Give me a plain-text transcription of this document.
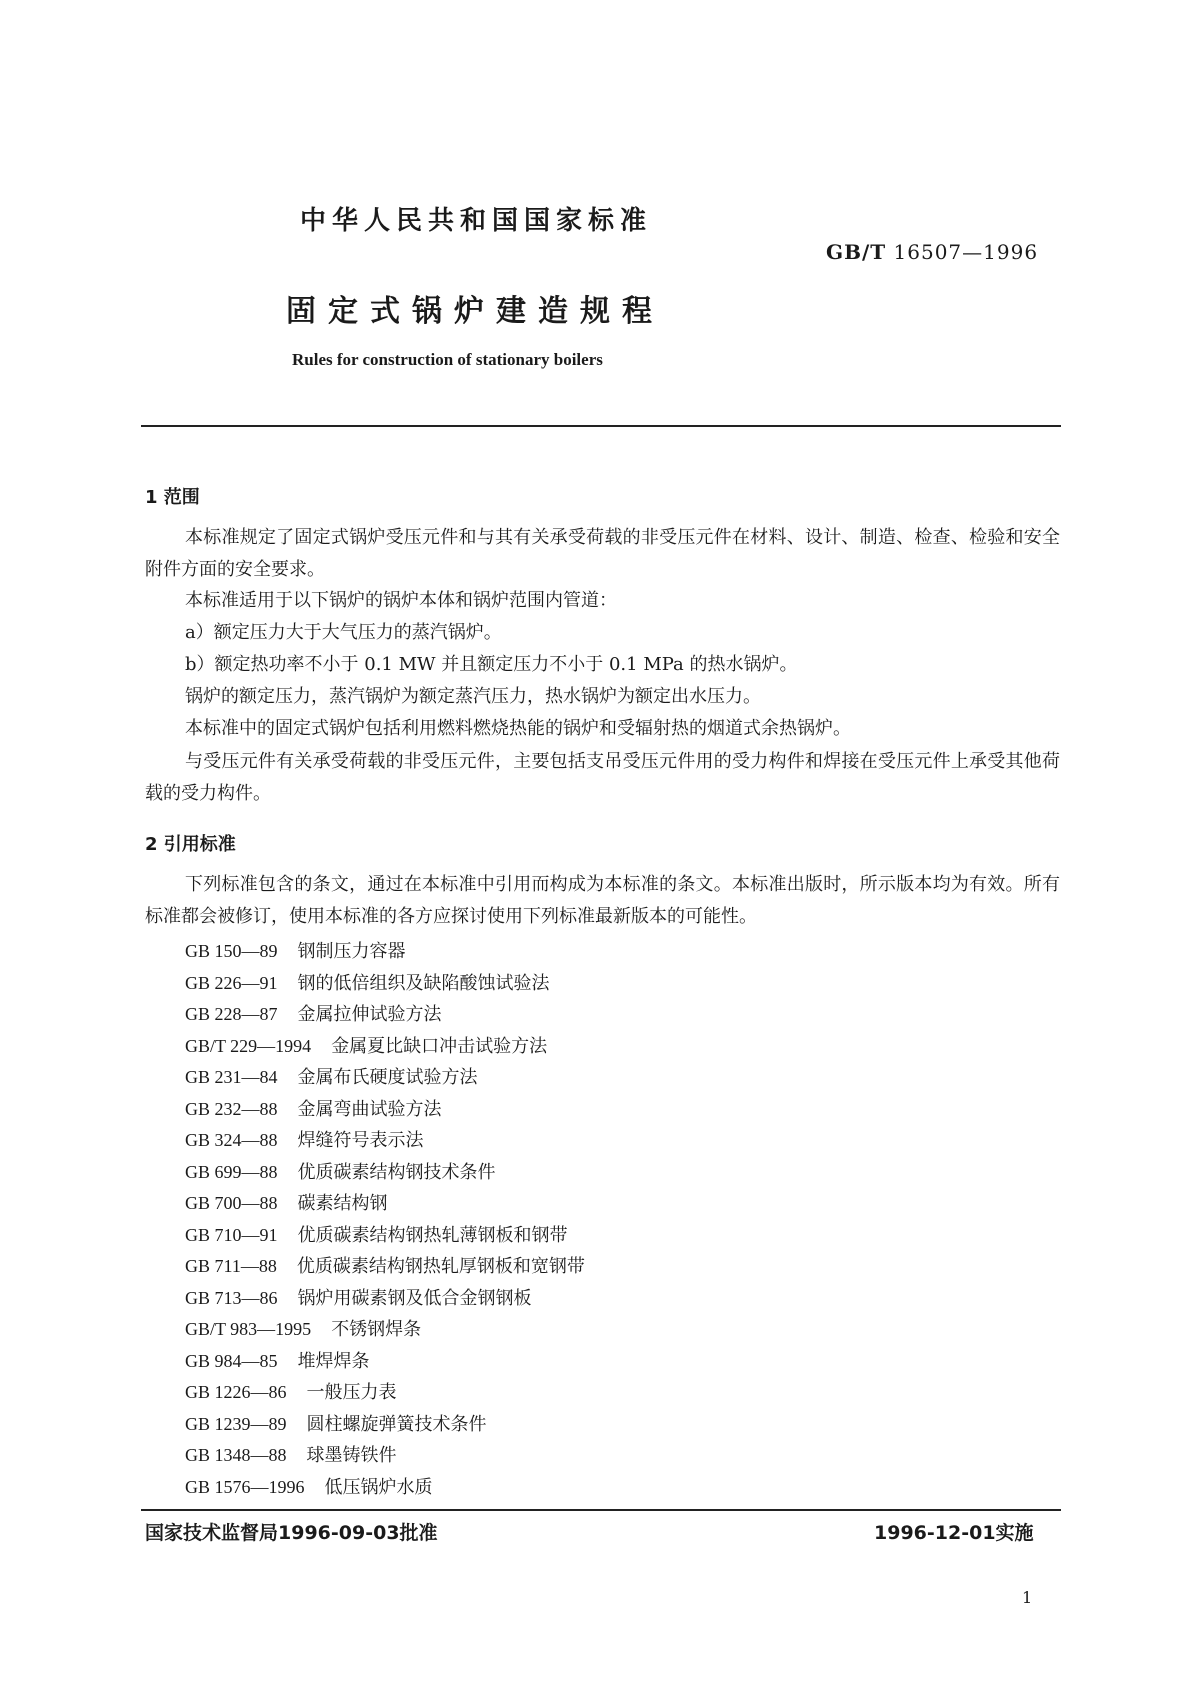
中华人民共和国国家标准
GB/T 16507—1996
固定式锅炉建造规程
Rules for construction of stationary boilers
1 范围
本标准规定了固定式锅炉受压元件和与其有关承受荷载的非受压元件在材料、设计、制造、检查、检验和安全附件方面的安全要求。
本标准适用于以下锅炉的锅炉本体和锅炉范围内管道：
a）额定压力大于大气压力的蒸汽锅炉。
b）额定热功率不小于 0.1 MW 并且额定压力不小于 0.1 MPa 的热水锅炉。
锅炉的额定压力，蒸汽锅炉为额定蒸汽压力，热水锅炉为额定出水压力。
本标准中的固定式锅炉包括利用燃料燃烧热能的锅炉和受辐射热的烟道式余热锅炉。
与受压元件有关承受荷载的非受压元件，主要包括支吊受压元件用的受力构件和焊接在受压元件上承受其他荷载的受力构件。
2 引用标准
下列标准包含的条文，通过在本标准中引用而构成为本标准的条文。本标准出版时，所示版本均为有效。所有标准都会被修订，使用本标准的各方应探讨使用下列标准最新版本的可能性。
GB 150—89 钢制压力容器
GB 226—91 钢的低倍组织及缺陷酸蚀试验法
GB 228—87 金属拉伸试验方法
GB/T 229—1994 金属夏比缺口冲击试验方法
GB 231—84 金属布氏硬度试验方法
GB 232—88 金属弯曲试验方法
GB 324—88 焊缝符号表示法
GB 699—88 优质碳素结构钢技术条件
GB 700—88 碳素结构钢
GB 710—91 优质碳素结构钢热轧薄钢板和钢带
GB 711—88 优质碳素结构钢热轧厚钢板和宽钢带
GB 713—86 锅炉用碳素钢及低合金钢钢板
GB/T 983—1995 不锈钢焊条
GB 984—85 堆焊焊条
GB 1226—86 一般压力表
GB 1239—89 圆柱螺旋弹簧技术条件
GB 1348—88 球墨铸铁件
GB 1576—1996 低压锅炉水质
国家技术监督局1996-09-03批准	1996-12-01实施
1
